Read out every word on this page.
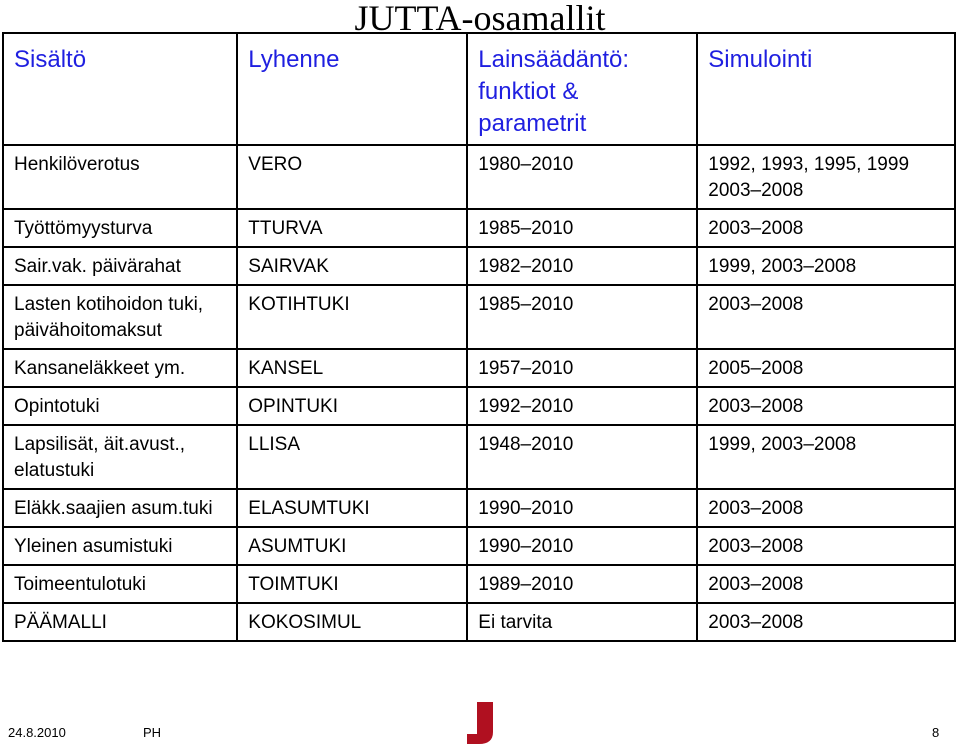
JUTTA-osamallit
Sisältö	Lyhenne	Lainsäädäntö:
funktiot &
parametrit	Simulointi

Henkilöverotus	VERO	1980–2010	1992, 1993, 1995, 1999
2003–2008

Työttömyysturva	TTURVA	1985–2010	2003–2008

Sair.vak. päivärahat	SAIRVAK	1982–2010	1999, 2003–2008

Lasten kotihoidon tuki,
päivähoitomaksut	KOTIHTUKI	1985–2010	2003–2008

Kansaneläkkeet ym.	KANSEL	1957–2010	2005–2008

Opintotuki	OPINTUKI	1992–2010	2003–2008

Lapsilisät, äit.avust.,
elatustuki	LLISA	1948–2010	1999, 2003–2008

Eläkk.saajien asum.tuki	ELASUMTUKI	1990–2010	2003–2008

Yleinen asumistuki	ASUMTUKI	1990–2010	2003–2008

Toimeentulotuki	TOIMTUKI	1989–2010	2003–2008

PÄÄMALLI	KOKOSIMUL	Ei tarvita	2003–2008
24.8.2010	PH	8
